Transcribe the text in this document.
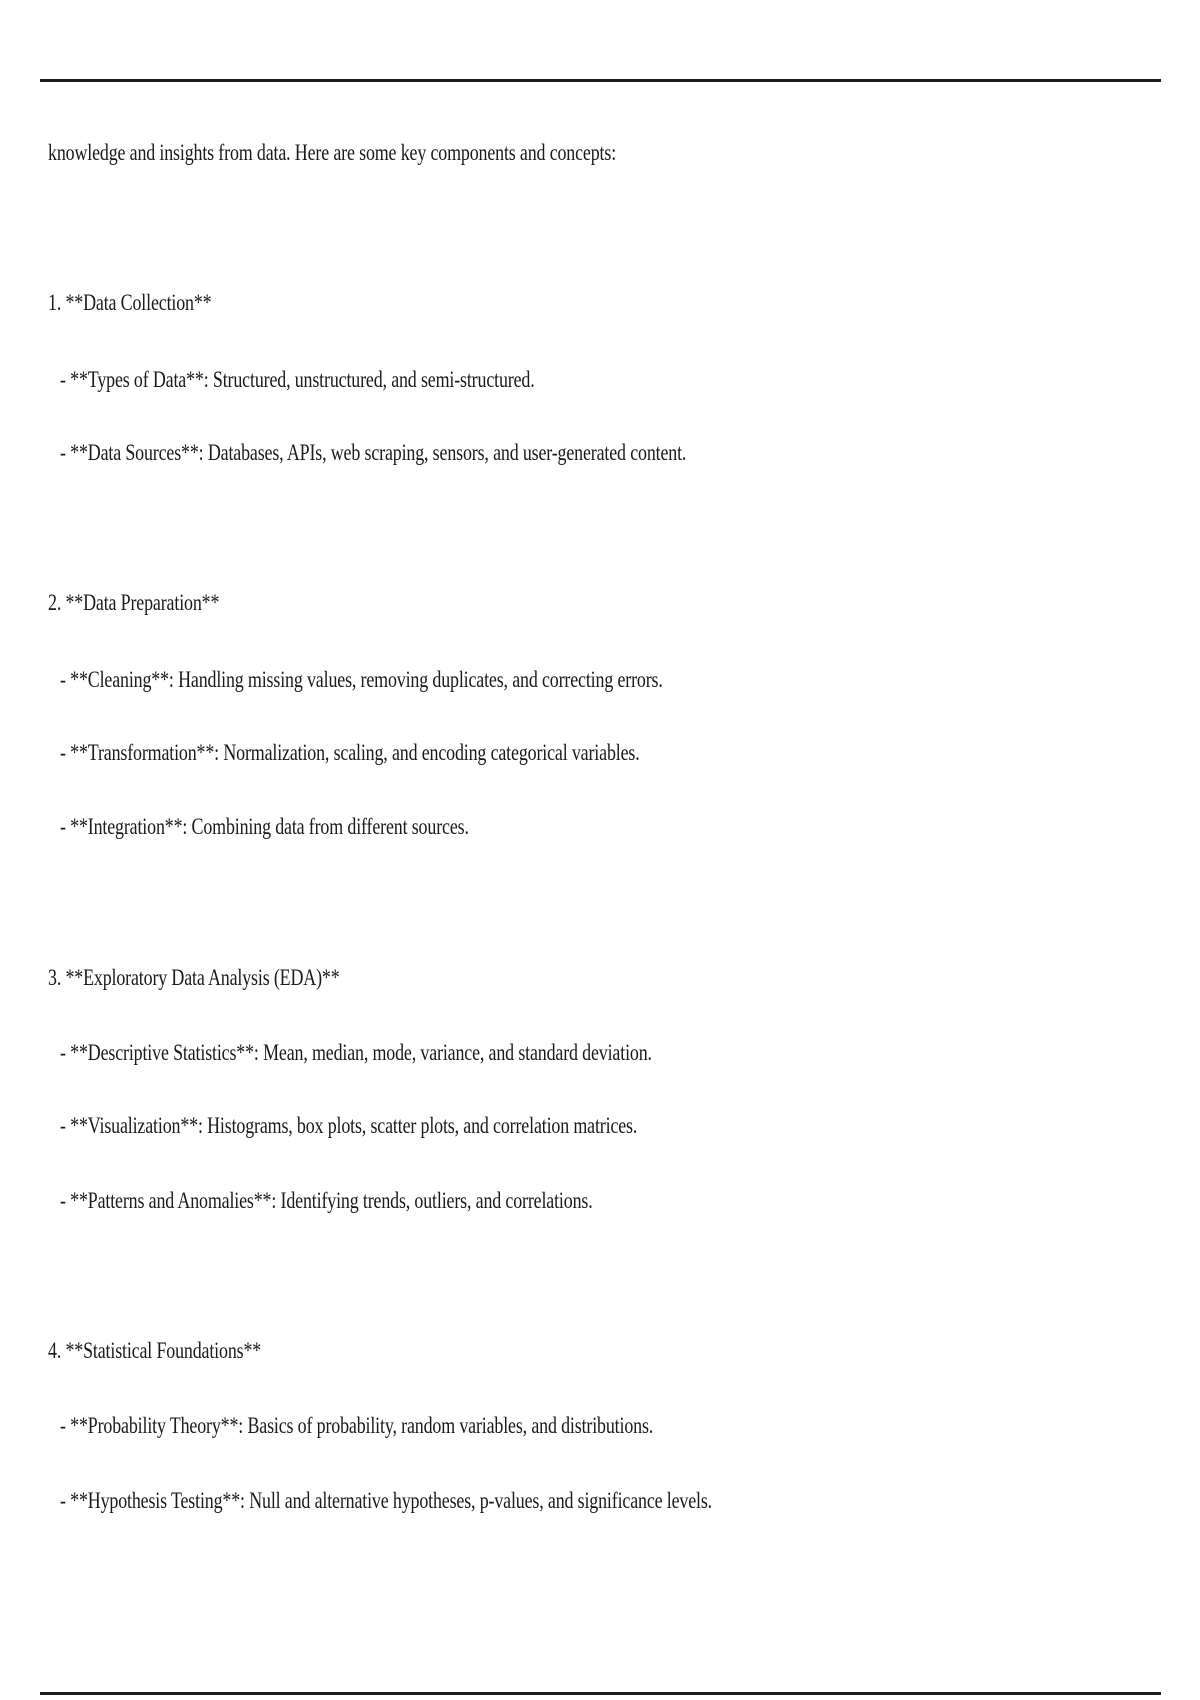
knowledge and insights from data. Here are some key components and concepts:
1. **Data Collection**
- **Types of Data**: Structured, unstructured, and semi-structured.
- **Data Sources**: Databases, APIs, web scraping, sensors, and user-generated content.
2. **Data Preparation**
- **Cleaning**: Handling missing values, removing duplicates, and correcting errors.
- **Transformation**: Normalization, scaling, and encoding categorical variables.
- **Integration**: Combining data from different sources.
3. **Exploratory Data Analysis (EDA)**
- **Descriptive Statistics**: Mean, median, mode, variance, and standard deviation.
- **Visualization**: Histograms, box plots, scatter plots, and correlation matrices.
- **Patterns and Anomalies**: Identifying trends, outliers, and correlations.
4. **Statistical Foundations**
- **Probability Theory**: Basics of probability, random variables, and distributions.
- **Hypothesis Testing**: Null and alternative hypotheses, p-values, and significance levels.
